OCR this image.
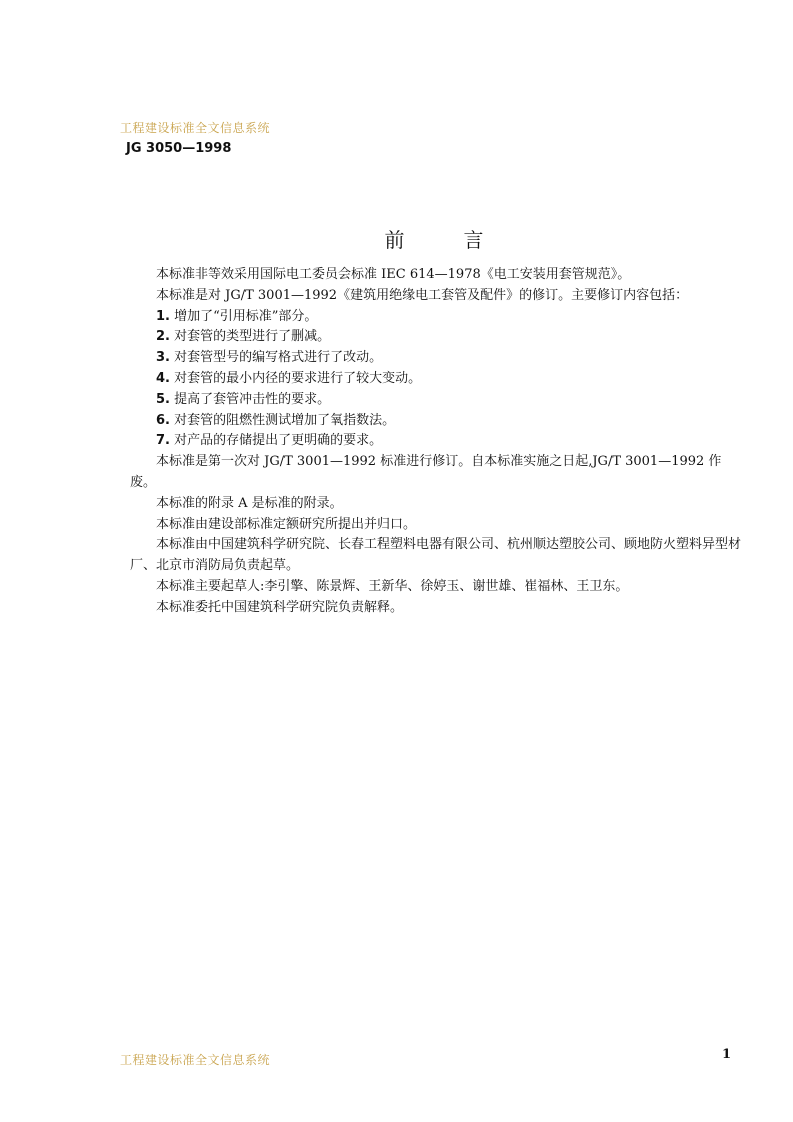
工程建设标准全文信息系统
JG 3050—1998
前	言

本标准非等效采用国际电工委员会标准 IEC 614—1978《电工安装用套管规范》。

本标准是对 JG/T 3001—1992《建筑用绝缘电工套管及配件》的修订。主要修订内容包括：

1. 增加了“引用标准”部分。

2. 对套管的类型进行了删减。

3. 对套管型号的编写格式进行了改动。

4. 对套管的最小内径的要求进行了较大变动。

5. 提高了套管冲击性的要求。

6. 对套管的阻燃性测试增加了氧指数法。

7. 对产品的存储提出了更明确的要求。

本标准是第一次对 JG/T 3001—1992 标准进行修订。自本标准实施之日起,JG/T 3001—1992 作废。

本标准的附录 A 是标准的附录。

本标准由建设部标准定额研究所提出并归口。

本标准由中国建筑科学研究院、长春工程塑料电器有限公司、杭州顺达塑胶公司、顾地防火塑料异型材厂、北京市消防局负责起草。

本标准主要起草人:李引擎、陈景辉、王新华、徐婷玉、谢世雄、崔福林、王卫东。

本标准委托中国建筑科学研究院负责解释。

工程建设标准全文信息系统	1
